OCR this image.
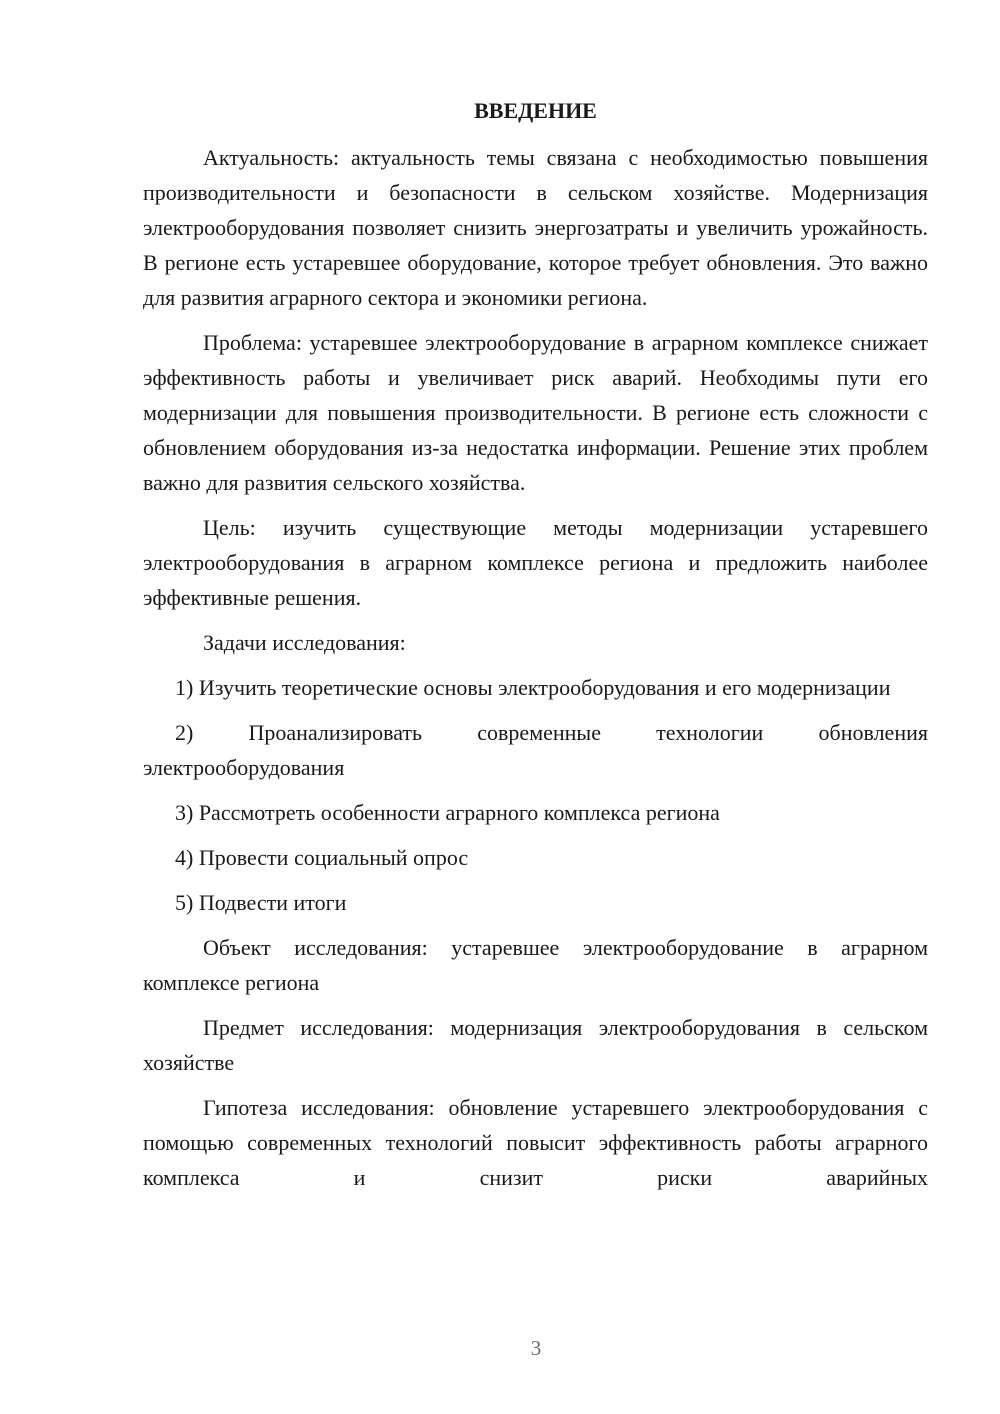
ВВЕДЕНИЕ

Актуальность: актуальность темы связана с необходимостью повышения производительности и безопасности в сельском хозяйстве. Модернизация электрооборудования позволяет снизить энергозатраты и увеличить урожайность. В регионе есть устаревшее оборудование, которое требует обновления. Это важно для развития аграрного сектора и экономики региона.

Проблема: устаревшее электрооборудование в аграрном комплексе снижает эффективность работы и увеличивает риск аварий. Необходимы пути его модернизации для повышения производительности. В регионе есть сложности с обновлением оборудования из-за недостатка информации. Решение этих проблем важно для развития сельского хозяйства.

Цель: изучить существующие методы модернизации устаревшего электрооборудования в аграрном комплексе региона и предложить наиболее эффективные решения.

Задачи исследования:

1) Изучить теоретические основы электрооборудования и его модернизации

2) Проанализировать современные технологии обновления электрооборудования

3) Рассмотреть особенности аграрного комплекса региона

4) Провести социальный опрос

5) Подвести итоги

Объект исследования: устаревшее электрооборудование в аграрном комплексе региона

Предмет исследования: модернизация электрооборудования в сельском хозяйстве

Гипотеза исследования: обновление устаревшего электрооборудования с помощью современных технологий повысит эффективность работы аграрного комплекса и снизит риски аварийных

3
